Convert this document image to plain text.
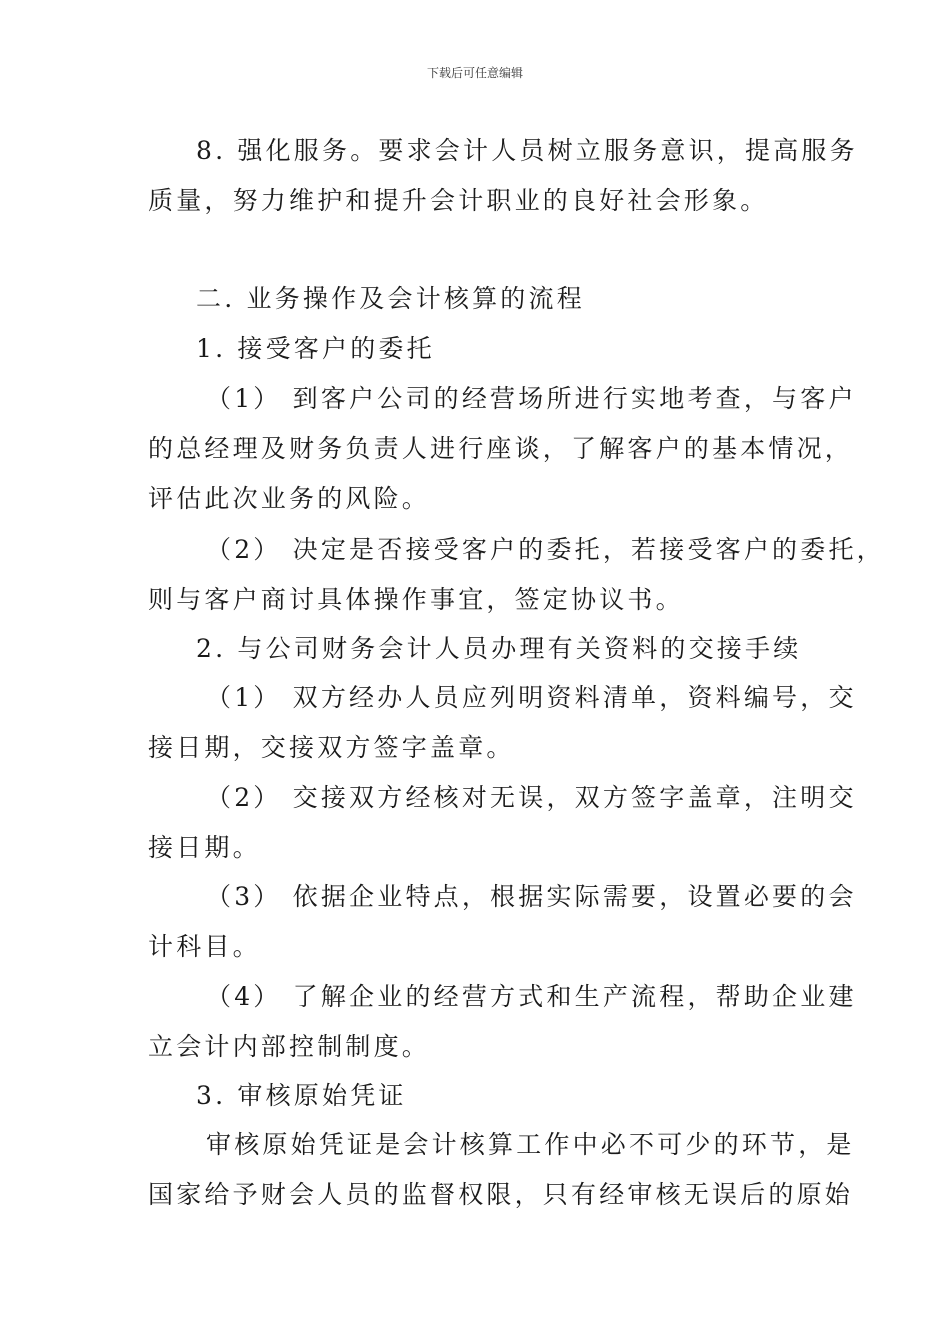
下载后可任意编辑
8. 强化服务。要求会计人员树立服务意识，提高服务
质量，努力维护和提升会计职业的良好社会形象。
二. 业务操作及会计核算的流程
1. 接受客户的委托
（1） 到客户公司的经营场所进行实地考查，与客户
的总经理及财务负责人进行座谈，了解客户的基本情况，
评估此次业务的风险。
（2） 决定是否接受客户的委托，若接受客户的委托，
则与客户商讨具体操作事宜，签定协议书。
2. 与公司财务会计人员办理有关资料的交接手续
（1） 双方经办人员应列明资料清单，资料编号，交
接日期，交接双方签字盖章。
（2） 交接双方经核对无误，双方签字盖章，注明交
接日期。
（3） 依据企业特点，根据实际需要，设置必要的会
计科目。
（4） 了解企业的经营方式和生产流程，帮助企业建
立会计内部控制制度。
3. 审核原始凭证
审核原始凭证是会计核算工作中必不可少的环节，是
国家给予财会人员的监督权限，只有经审核无误后的原始
